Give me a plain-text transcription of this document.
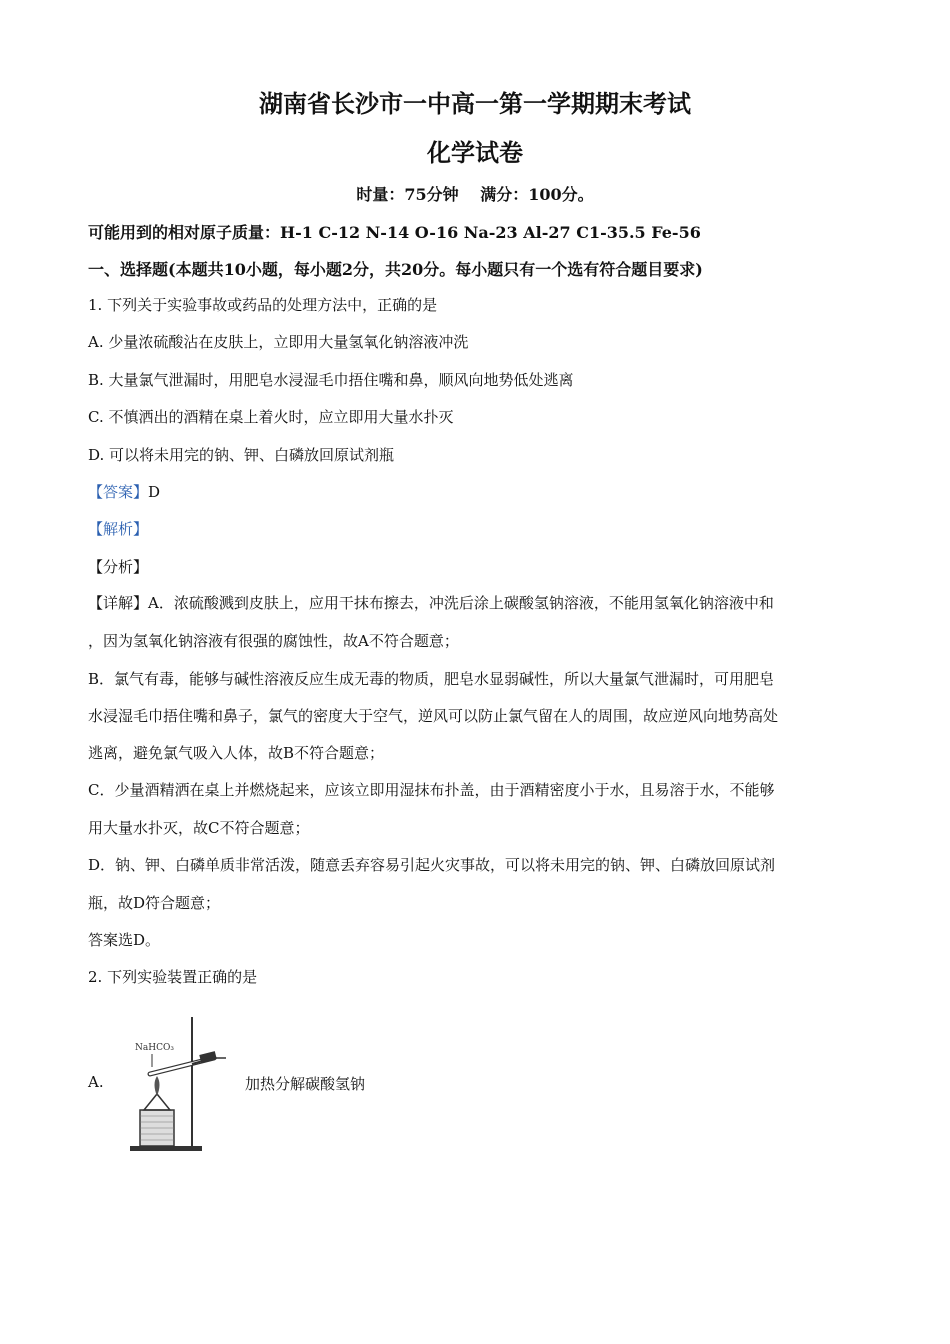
湖南省长沙市一中高一第一学期期末考试
化学试卷
时量：75分钟　 满分：100分。
可能用到的相对原子质量：H-1 C-12 N-14 O-16 Na-23 Al-27 C1-35.5 Fe-56
一、选择题(本题共10小题，每小题2分，共20分。每小题只有一个选有符合题目要求)
1. 下列关于实验事故或药品的处理方法中，正确的是
A. 少量浓硫酸沾在皮肤上，立即用大量氢氧化钠溶液冲洗
B. 大量氯气泄漏时，用肥皂水浸湿毛巾捂住嘴和鼻，顺风向地势低处逃离
C. 不慎洒出的酒精在桌上着火时，应立即用大量水扑灭
D. 可以将未用完的钠、钾、白磷放回原试剂瓶
【答案】D
【解析】
【分析】
【详解】A．浓硫酸溅到皮肤上，应用干抹布擦去，冲洗后涂上碳酸氢钠溶液，不能用氢氧化钠溶液中和
，因为氢氧化钠溶液有很强的腐蚀性，故A不符合题意；
B．氯气有毒，能够与碱性溶液反应生成无毒的物质，肥皂水显弱碱性，所以大量氯气泄漏时，可用肥皂
水浸湿毛巾捂住嘴和鼻子，氯气的密度大于空气，逆风可以防止氯气留在人的周围，故应逆风向地势高处
逃离，避免氯气吸入人体，故B不符合题意；
C．少量酒精洒在桌上并燃烧起来，应该立即用湿抹布扑盖，由于酒精密度小于水，且易溶于水，不能够
用大量水扑灭，故C不符合题意；
D．钠、钾、白磷单质非常活泼，随意丢弃容易引起火灾事故，可以将未用完的钠、钾、白磷放回原试剂
瓶，故D符合题意；
答案选D。
2. 下列实验装置正确的是
A.	加热分解碳酸氢钠
NaHCO₃
